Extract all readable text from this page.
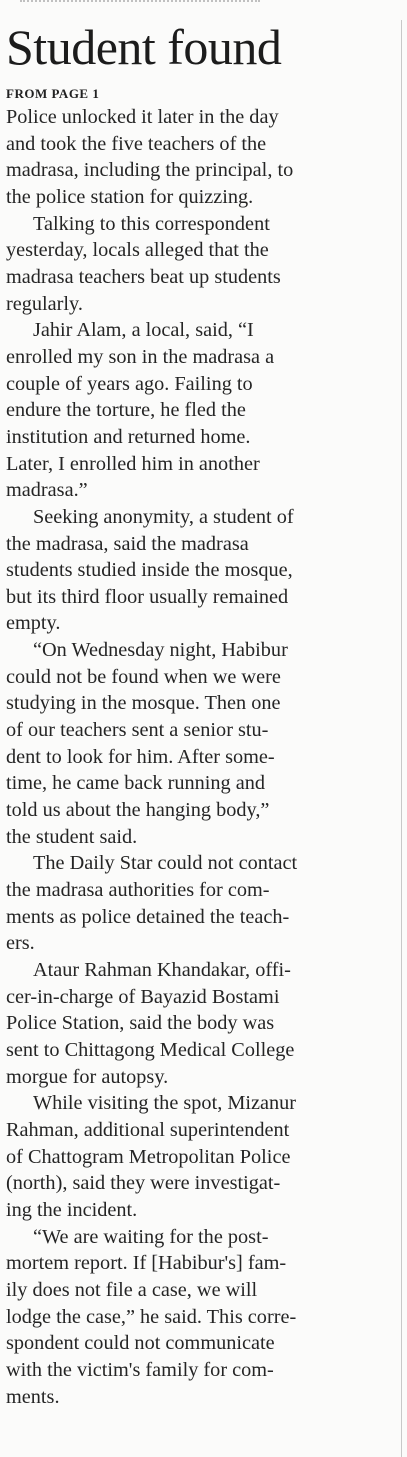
Student found
FROM PAGE 1

Police unlocked it later in the day
and took the five teachers of the
madrasa, including the principal, to
the police station for quizzing.

Talking to this correspondent
yesterday, locals alleged that the
madrasa teachers beat up students
regularly.

Jahir Alam, a local, said, “I
enrolled my son in the madrasa a
couple of years ago. Failing to
endure the torture, he fled the
institution and returned home.
Later, I enrolled him in another
madrasa.”

Seeking anonymity, a student of
the madrasa, said the madrasa
students studied inside the mosque,
but its third floor usually remained
empty.

“On Wednesday night, Habibur
could not be found when we were
studying in the mosque. Then one
of our teachers sent a senior stu-
dent to look for him. After some-
time, he came back running and
told us about the hanging body,”
the student said.

The Daily Star could not contact
the madrasa authorities for com-
ments as police detained the teach-
ers.

Ataur Rahman Khandakar, offi-
cer-in-charge of Bayazid Bostami
Police Station, said the body was
sent to Chittagong Medical College
morgue for autopsy.

While visiting the spot, Mizanur
Rahman, additional superintendent
of Chattogram Metropolitan Police
(north), said they were investigat-
ing the incident.

“We are waiting for the post-
mortem report. If [Habibur's] fam-
ily does not file a case, we will
lodge the case,” he said. This corre-
spondent could not communicate
with the victim's family for com-
ments.
